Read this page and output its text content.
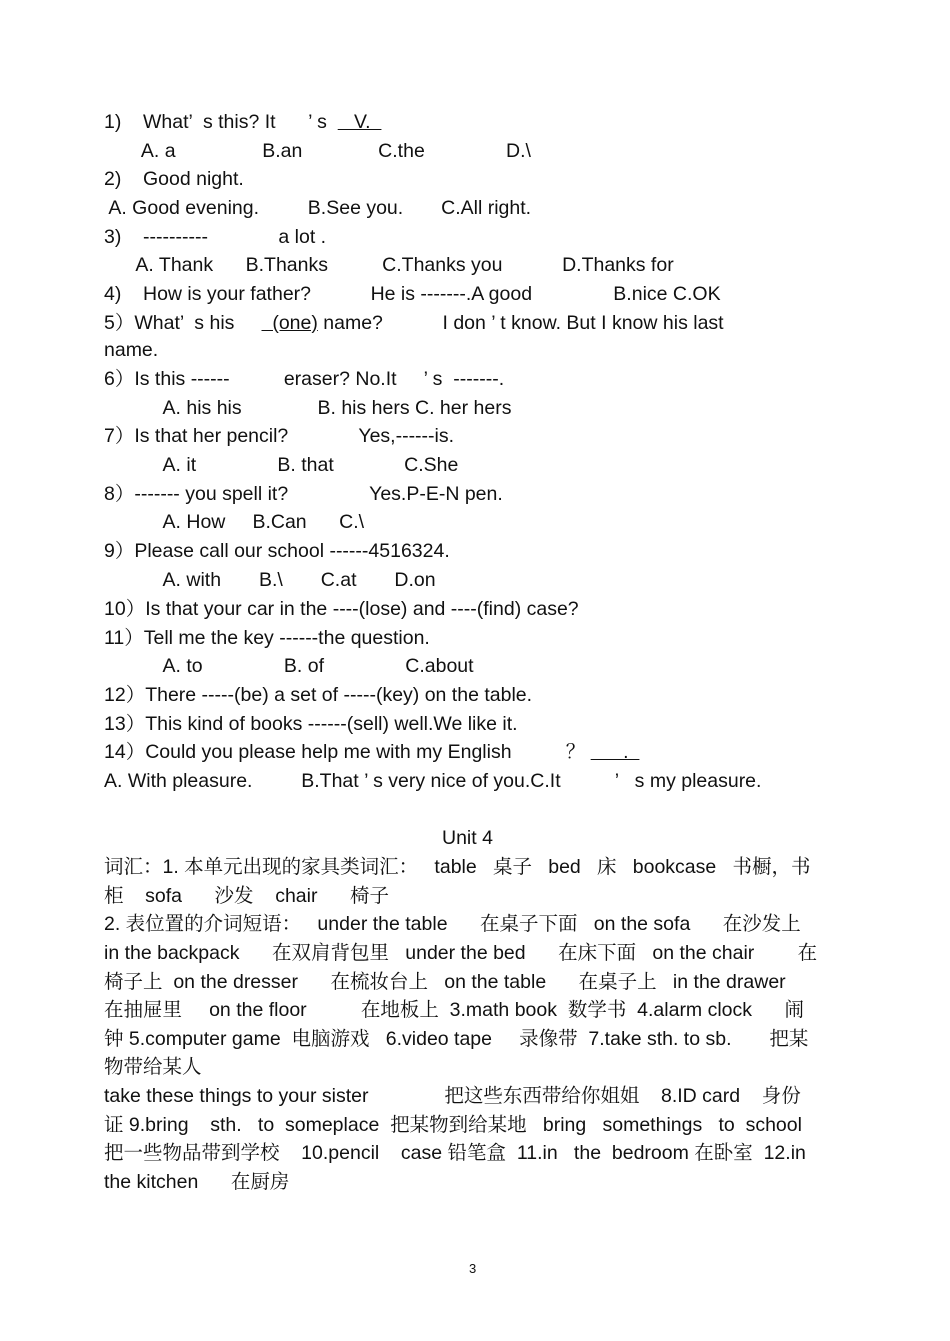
1)    What’  s this? It      ’ s     V.
A. a                B.an              C.the               D.\
2)    Good night.
A. Good evening.         B.See you.       C.All right.
3)    ----------             a lot .
A. Thank      B.Thanks          C.Thanks you           D.Thanks for
4)    How is your father?           He is -------.A good               B.nice C.OK
5）What’  s his       (one) name?           I don ’ t know. But I know his last
name.
6）Is this ------          eraser? No.It     ’ s  -------.
A. his his              B. his hers C. her hers
7）Is that her pencil?             Yes,------is.
A. it               B. that             C.She
8）------- you spell it?               Yes.P-E-N pen.
A. How     B.Can      C.\
9）Please call our school ------4516324.
A. with       B.\       C.at       D.on
10）Is that your car in the ----(lose) and ----(find) case?
11）Tell me the key ------the question.
A. to               B. of               C.about
12）There -----(be) a set of -----(key) on the table.
13）This kind of books ------(sell) well.We like it.
14）Could you please help me with my English          ？       .
A. With pleasure.         B.That ’ s very nice of you.C.It          ’   s my pleasure.
Unit 4
词汇：1. 本单元出现的家具类词汇：   table   桌子   bed   床   bookcase   书橱，书
柜    sofa      沙发    chair      椅子
2. 表位置的介词短语：   under the table      在桌子下面   on the sofa      在沙发上
in the backpack      在双肩背包里   under the bed      在床下面   on the chair        在
椅子上  on the dresser      在梳妆台上   on the table      在桌子上   in the drawer
在抽屉里     on the floor          在地板上  3.math book  数学书  4.alarm clock      闹
钟 5.computer game  电脑游戏   6.video tape     录像带  7.take sth. to sb.       把某
物带给某人
take these things to your sister              把这些东西带给你姐姐    8.ID card    身份
证 9.bring    sth.   to  someplace  把某物到给某地   bring   somethings   to  school
把一些物品带到学校    10.pencil    case 铅笔盒  11.in   the  bedroom 在卧室  12.in
the kitchen      在厨房
3
